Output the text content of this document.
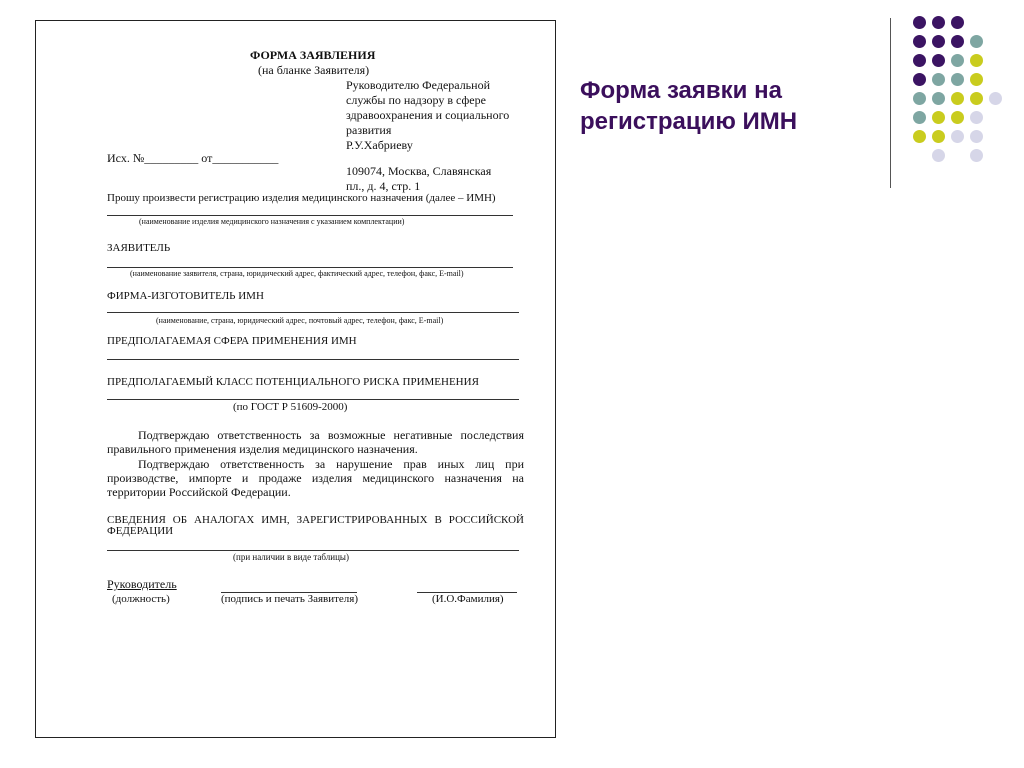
ФОРМА ЗАЯВЛЕНИЯ
(на бланке Заявителя)
Руководителю Федеральной
службы по надзору в сфере
здравоохранения и социального
развития
Р.У.Хабриеву
Исх. №_________ от___________
109074, Москва, Славянская
пл., д. 4, стр. 1
Прошу произвести регистрацию изделия медицинского назначения (далее – ИМН)
(наименование изделия медицинского назначения с указанием комплектации)
ЗАЯВИТЕЛЬ
(наименование заявителя, страна, юридический адрес, фактический адрес, телефон, факс, E-mail)
ФИРМА-ИЗГОТОВИТЕЛЬ ИМН
(наименование, страна, юридический адрес, почтовый адрес, телефон, факс, E-mail)
ПРЕДПОЛАГАЕМАЯ СФЕРА ПРИМЕНЕНИЯ ИМН
ПРЕДПОЛАГАЕМЫЙ КЛАСС ПОТЕНЦИАЛЬНОГО РИСКА ПРИМЕНЕНИЯ
(по ГОСТ Р 51609-2000)
Подтверждаю ответственность за возможные негативные последствия
правильного применения изделия медицинского назначения.
Подтверждаю ответственность за нарушение прав иных лиц при
производстве, импорте и продаже изделия медицинского назначения на
территории Российской Федерации.
СВЕДЕНИЯ ОБ АНАЛОГАХ ИМН, ЗАРЕГИСТРИРОВАННЫХ В РОССИЙСКОЙ
ФЕДЕРАЦИИ
(при наличии в виде таблицы)
Руководитель
(должность)	(подпись и печать Заявителя)	(И.О.Фамилия)
Форма заявки на регистрацию ИМН
